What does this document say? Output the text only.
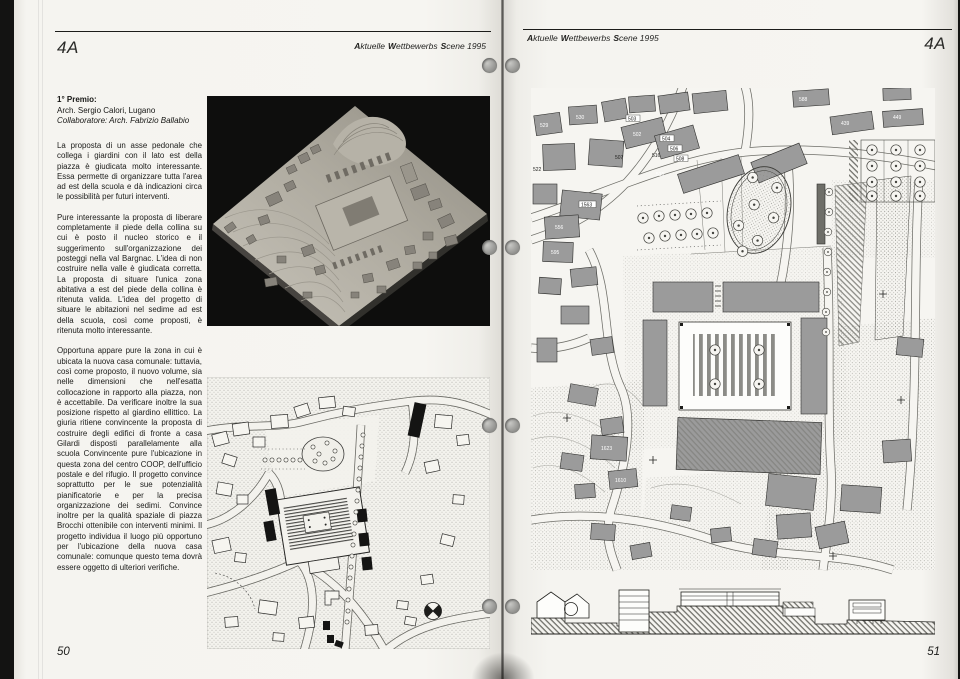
4A	Aktuelle Wettbewerbs Scene 1995
1° Premio:
Arch. Sergio Calori, Lugano
Collaboratore: Arch. Fabrizio Ballabio

La proposta di un asse pedonale che collega i giardini con il lato est della piazza è giudicata molto interessante. Essa permette di organizzare tutta l'area ad est della scuola e dà indicazioni circa le possibilità per futuri interventi.

Pure interessante la proposta di liberare completamente il piede della collina su cui è posto il nucleo storico e il suggerimento sull'organizzazione dei posteggi nella val Bargnac. L'idea di non costruire nella valle è giudicata corretta. La proposta di situare l'unica zona abitativa a est del piede della collina è ritenuta valida. L'idea del progetto di situare le abitazioni nel sedime ad est della scuola, così come proposti, è ritenuta molto interessante.

Opportuna appare pure la zona in cui è ubicata la nuova casa comunale: tuttavia, così come proposto, il nuovo volume, sia nelle dimensioni che nell'esatta collocazione in rapporto alla piazza, non è accettabile. Da verificare inoltre la sua posizione rispetto al giardino ellittico. La giuria ritiene convincente la proposta di costruire degli edifici di fronte a casa Gilardi disposti parallelamente alla scuola Convincente pure l'ubicazione in questa zona del centro COOP, dell'ufficio postale e del rifugio. Il progetto convince soprattutto per le sue potenzialità pianificatorie e per la precisa organizzazione dei sedimi. Convince inoltre per la qualità spaziale di piazza Brocchi ottenibile con interventi minimi. Il progetto individua il luogo più opportuno per l'ubicazione della nuova casa comunale: comunque questo tema dovrà essere oggetto di ulteriori verifiche.

50
Aktuelle Wettbewerbs Scene 1995	4A
529
530
502
515
556
595
1623
1610
588
439
449
503
504
506
508
1563
507	516
522
51
